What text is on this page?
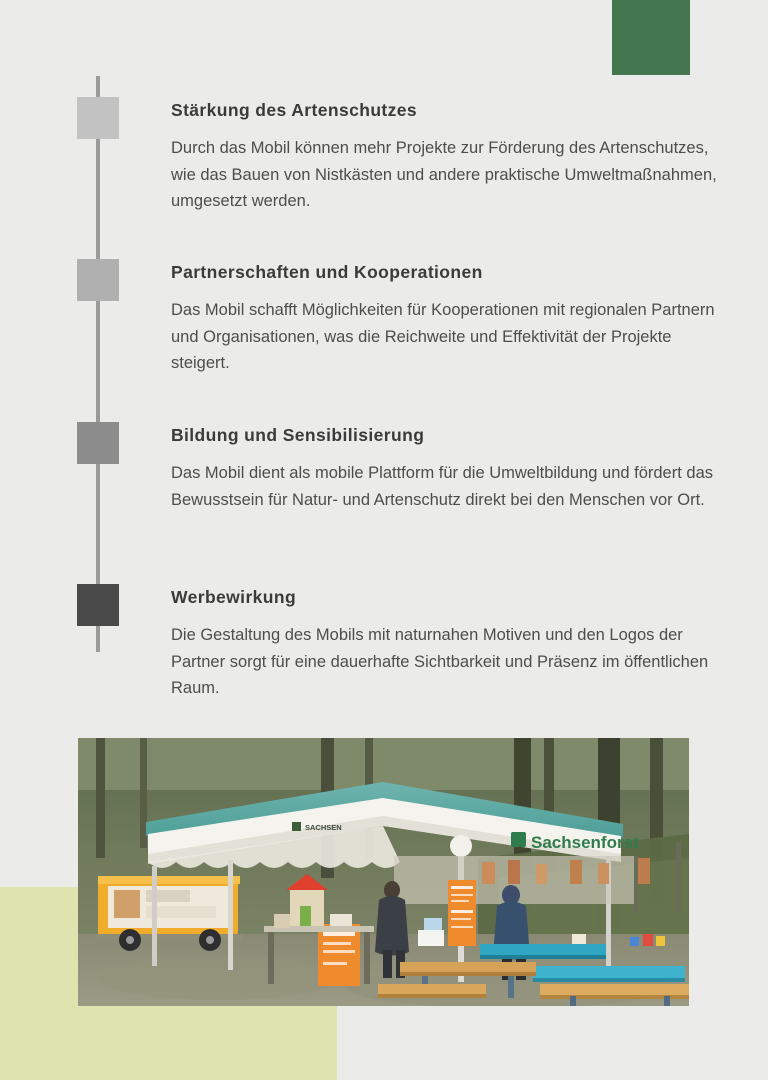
Stärkung des Artenschutzes

Durch das Mobil können mehr Projekte zur Förderung des Artenschutzes, wie das Bauen von Nistkästen und andere praktische Umweltmaßnahmen, umgesetzt werden.

Partnerschaften und Kooperationen

Das Mobil schafft Möglichkeiten für Kooperationen mit regionalen Partnern und Organisationen, was die Reichweite und Effektivität der Projekte steigert.

Bildung und Sensibilisierung

Das Mobil dient als mobile Plattform für die Umweltbildung und fördert das Bewusstsein für Natur- und Artenschutz direkt bei den Menschen vor Ort.

Werbewirkung

Die Gestaltung des Mobils mit naturnahen Motiven und den Logos der Partner sorgt für eine dauerhafte Sichtbarkeit und Präsenz im öffentlichen Raum.

Sachsenforst
SACHSEN
